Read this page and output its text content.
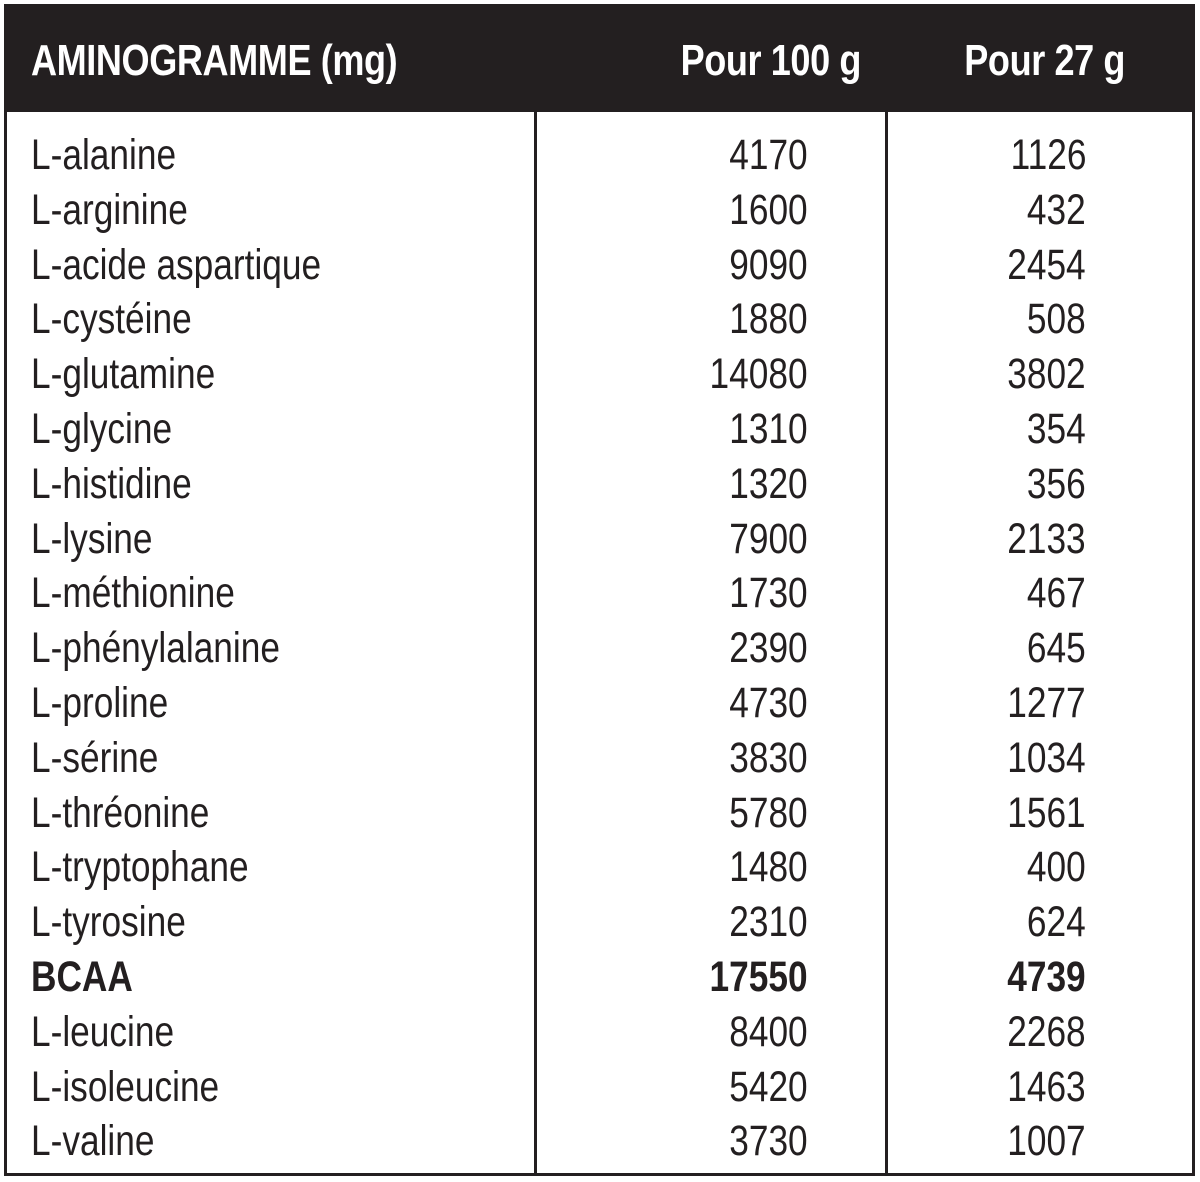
AMINOGRAMME (mg)	Pour 100 g Pour 27 g
L-alanine	4170	1126
L-arginine	1600	432
L-acide aspartique	9090	2454
L-cystéine	1880	508
L-glutamine	14080	3802
L-glycine	1310	354
L-histidine	1320	356
L-lysine	7900	2133
L-méthionine	1730	467
L-phénylalanine	2390	645
L-proline	4730	1277
L-sérine	3830	1034
L-thréonine	5780	1561
L-tryptophane	1480	400
L-tyrosine	2310	624
BCAA	17550	4739
L-leucine	8400	2268
L-isoleucine	5420	1463
L-valine	3730	1007
